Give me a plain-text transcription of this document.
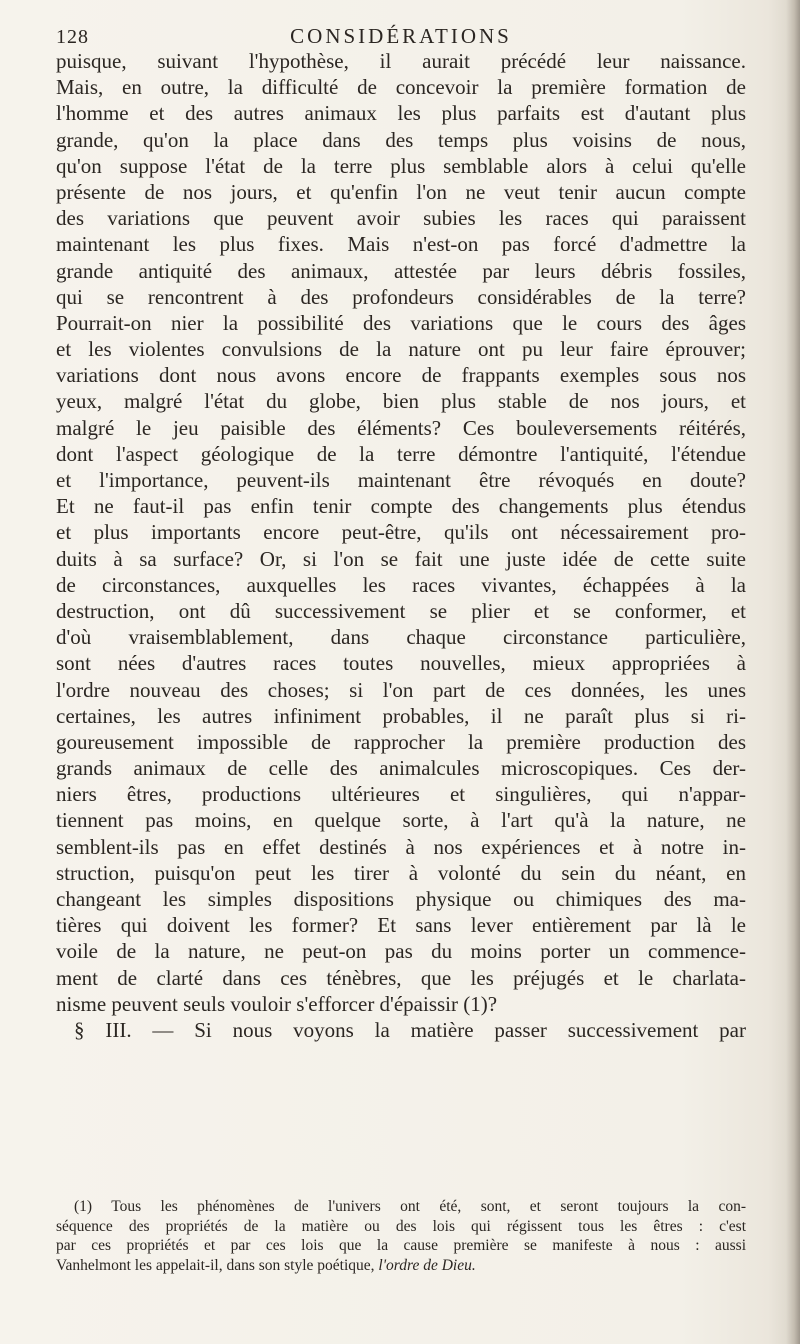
128	CONSIDÉRATIONS
puisque, suivant l'hypothèse, il aurait précédé leur naissance.
Mais, en outre, la difficulté de concevoir la première formation de
l'homme et des autres animaux les plus parfaits est d'autant plus
grande, qu'on la place dans des temps plus voisins de nous,
qu'on suppose l'état de la terre plus semblable alors à celui qu'elle
présente de nos jours, et qu'enfin l'on ne veut tenir aucun compte
des variations que peuvent avoir subies les races qui paraissent
maintenant les plus fixes. Mais n'est-on pas forcé d'admettre la
grande antiquité des animaux, attestée par leurs débris fossiles,
qui se rencontrent à des profondeurs considérables de la terre?
Pourrait-on nier la possibilité des variations que le cours des âges
et les violentes convulsions de la nature ont pu leur faire éprouver;
variations dont nous avons encore de frappants exemples sous nos
yeux, malgré l'état du globe, bien plus stable de nos jours, et
malgré le jeu paisible des éléments? Ces bouleversements réitérés,
dont l'aspect géologique de la terre démontre l'antiquité, l'étendue
et l'importance, peuvent-ils maintenant être révoqués en doute?
Et ne faut-il pas enfin tenir compte des changements plus étendus
et plus importants encore peut-être, qu'ils ont nécessairement pro-
duits à sa surface? Or, si l'on se fait une juste idée de cette suite
de circonstances, auxquelles les races vivantes, échappées à la
destruction, ont dû successivement se plier et se conformer, et
d'où vraisemblablement, dans chaque circonstance particulière,
sont nées d'autres races toutes nouvelles, mieux appropriées à
l'ordre nouveau des choses; si l'on part de ces données, les unes
certaines, les autres infiniment probables, il ne paraît plus si ri-
goureusement impossible de rapprocher la première production des
grands animaux de celle des animalcules microscopiques. Ces der-
niers êtres, productions ultérieures et singulières, qui n'appar-
tiennent pas moins, en quelque sorte, à l'art qu'à la nature, ne
semblent-ils pas en effet destinés à nos expériences et à notre in-
struction, puisqu'on peut les tirer à volonté du sein du néant, en
changeant les simples dispositions physique ou chimiques des ma-
tières qui doivent les former? Et sans lever entièrement par là le
voile de la nature, ne peut-on pas du moins porter un commence-
ment de clarté dans ces ténèbres, que les préjugés et le charlata-
nisme peuvent seuls vouloir s'efforcer d'épaissir (1)?
§ III. — Si nous voyons la matière passer successivement par
(1) Tous les phénomènes de l'univers ont été, sont, et seront toujours la con-
séquence des propriétés de la matière ou des lois qui régissent tous les êtres : c'est
par ces propriétés et par ces lois que la cause première se manifeste à nous : aussi
Vanhelmont les appelait-il, dans son style poétique, l'ordre de Dieu.
